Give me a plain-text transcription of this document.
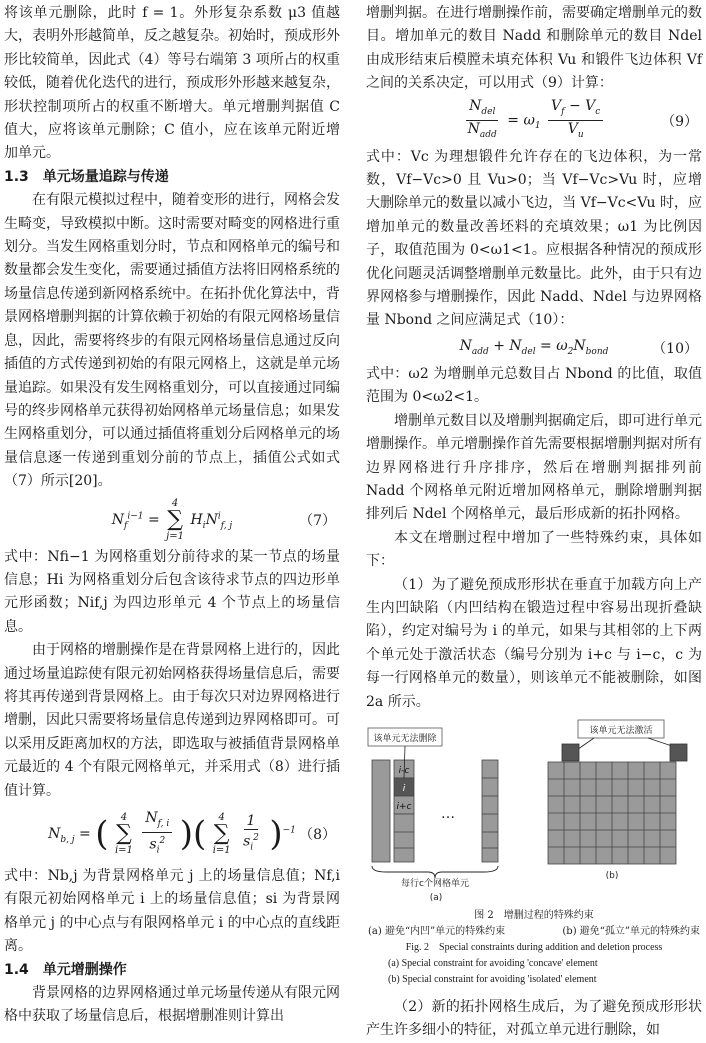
将该单元删除，此时 f = 1。外形复杂系数 μ3 值越大，表明外形越简单，反之越复杂。初始时，预成形外形比较简单，因此式（4）等号右端第 3 项所占的权重较低，随着优化迭代的进行，预成形外形越来越复杂，形状控制项所占的权重不断增大。单元增删判据值 C 值大，应将该单元删除；C 值小，应在该单元附近增加单元。

1.3　单元场量追踪与传递

在有限元模拟过程中，随着变形的进行，网格会发生畸变，导致模拟中断。这时需要对畸变的网格进行重划分。当发生网格重划分时，节点和网格单元的编号和数量都会发生变化，需要通过插值方法将旧网格系统的场量信息传递到新网格系统中。在拓扑优化算法中，背景网格增删判据的计算依赖于初始的有限元网格场量信息，因此，需要将终步的有限元网格场量信息通过反向插值的方式传递到初始的有限元网格上，这就是单元场量追踪。如果没有发生网格重划分，可以直接通过同编号的终步网格单元获得初始网格单元场量信息；如果发生网格重划分，可以通过插值将重划分后网格单元的场量信息逐一传递到重划分前的节点上，插值公式如式（7）所示[20]。

$N_f^{i-1}$ =
4
∑
j=1
$H_iN^i_{f, j}$	（7）

式中：Nfi−1 为网格重划分前待求的某一节点的场量信息；Hi 为网格重划分后包含该待求节点的四边形单元形函数；Nif,j 为四边形单元 4 个节点上的场量信息。

由于网格的增删操作是在背景网格上进行的，因此通过场量追踪使有限元初始网格获得场量信息后，需要将其再传递到背景网格上。由于每次只对边界网格进行增删，因此只需要将场量信息传递到边界网格即可。可以采用反距离加权的方法，即选取与被插值背景网格单元最近的 4 个有限元网格单元，并采用式（8）进行插值计算。

$N_{b, j}$ = ( 4
∑
i=1
$\frac{N_{f, i}}{s_i^2}$ )( 4
∑
i=1
$\frac{1}{s_i^2} )^{-1}$ （8）

式中：Nb,j 为背景网格单元 j 上的场量信息值；Nf,i 有限元初始网格单元 i 上的场量信息值；si 为背景网格单元 j 的中心点与有限网格单元 i 的中心点的直线距离。

1.4　单元增删操作

背景网格的边界网格通过单元场量传递从有限元网格中获取了场量信息后，根据增删准则计算出

增删判据。在进行增删操作前，需要确定增删单元的数目。增加单元的数目 Nadd 和删除单元的数目 Ndel 由成形结束后模膛未填充体积 Vu 和锻件飞边体积 Vf 之间的关系决定，可以用式（9）计算：

$\frac{N_{del}}{N_{add}} = \omega_1 \frac{V_f - V_c}{V_u}$	（9）

式中：Vc 为理想锻件允许存在的飞边体积，为一常数，Vf−Vc>0 且 Vu>0；当 Vf−Vc>Vu 时，应增大删除单元的数量以减小飞边，当 Vf−Vc<Vu 时，应增加单元的数量改善坯料的充填效果；ω1 为比例因子，取值范围为 0<ω1<1。应根据各种情况的预成形优化问题灵活调整增删单元数量比。此外，由于只有边界网格参与增删操作，因此 Nadd、Ndel 与边界网格量 Nbond 之间应满足式（10）：

$N_{add} + N_{del} = \omega_2N_{bond}$	（10）

式中：ω2 为增删单元总数目占 Nbond 的比值，取值范围为 0<ω2<1。

增删单元数目以及增删判据确定后，即可进行单元增删操作。单元增删操作首先需要根据增删判据对所有边界网格进行升序排序，然后在增删判据排列前 Nadd 个网格单元附近增加网格单元，删除增删判据排列后 Ndel 个网格单元，最后形成新的拓扑网格。

本文在增删过程中增加了一些特殊约束，具体如下：

（1）为了避免预成形形状在垂直于加载方向上产生内凹缺陷（内凹结构在锻造过程中容易出现折叠缺陷），约定对编号为 i 的单元，如果与其相邻的上下两个单元处于激活状态（编号分别为 i+c 与 i−c，c 为每一行网格单元的数量），则该单元不能被删除，如图 2a 所示。

该单元无法删除
i-c
i
i+c …
每行c个网格单元
该单元无法激活
(a)
(b)
图 2　增删过程的特殊约束
(a) 避免“内凹”单元的特殊约束	(b) 避免“孤立”单元的特殊约束
Fig. 2　Special constraints during addition and deletion process
(a) Special constraint for avoiding 'concave' element
(b) Special constraint for avoiding 'isolated' element

（2）新的拓扑网格生成后，为了避免预成形形状产生许多细小的特征，对孤立单元进行删除，如
